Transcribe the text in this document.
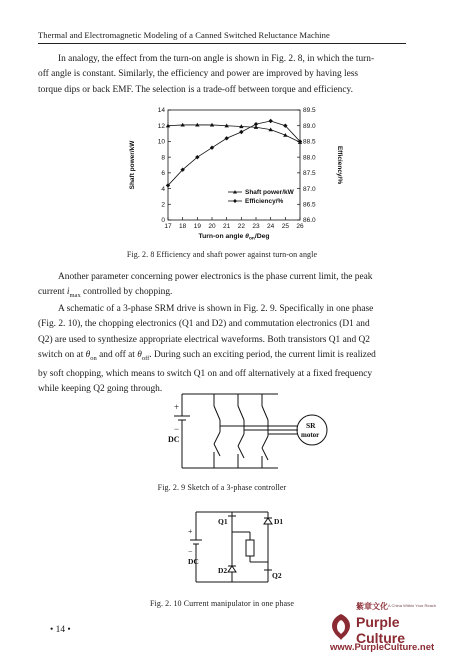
Thermal and Electromagnetic Modeling of a Canned Switched Reluctance Machine
In analogy, the effect from the turn-on angle is shown in Fig. 2. 8, in which the turn-
off angle is constant. Similarly, the efficiency and power are improved by having less
torque dips or back EMF. The selection is a trade-off between torque and efficiency.
0
2
4
6
8
10
12
14
86.0
86.5
87.0
87.5
88.0
88.5
89.0
89.5
17 18 19 20 21 22 23 24 25 26
Shaft power/kW	Efficiency/%
Turn-on angle $\theta_{on}$/Deg
Shaft power/kW
Efficiency/%
Fig. 2. 8 Efficiency and shaft power against turn-on angle
Another parameter concerning power electronics is the phase current limit, the peak
current $i_{max}$ controlled by chopping.
A schematic of a 3-phase SRM drive is shown in Fig. 2. 9. Specifically in one phase
(Fig. 2. 10), the chopping electronics (Q1 and D2) and commutation electronics (D1 and
Q2) are used to synthesize appropriate electrical waveforms. Both transistors Q1 and Q2
switch on at $\theta_{on}$ and off at $\theta_{off}$. During such an exciting period, the current limit is realized
by soft chopping, which means to switch Q1 on and off alternatively at a fixed frequency
while keeping Q2 going through.
+
−
DC
SR
motor
Fig. 2. 9 Sketch of a 3-phase controller
+
−
DC
Q1
D2
D1
Q2
Fig. 2. 10 Current manipulator in one phase
• 14 •
紫章文化 A China Within Your Reach
Purple Culture
www.PurpleCulture.net
